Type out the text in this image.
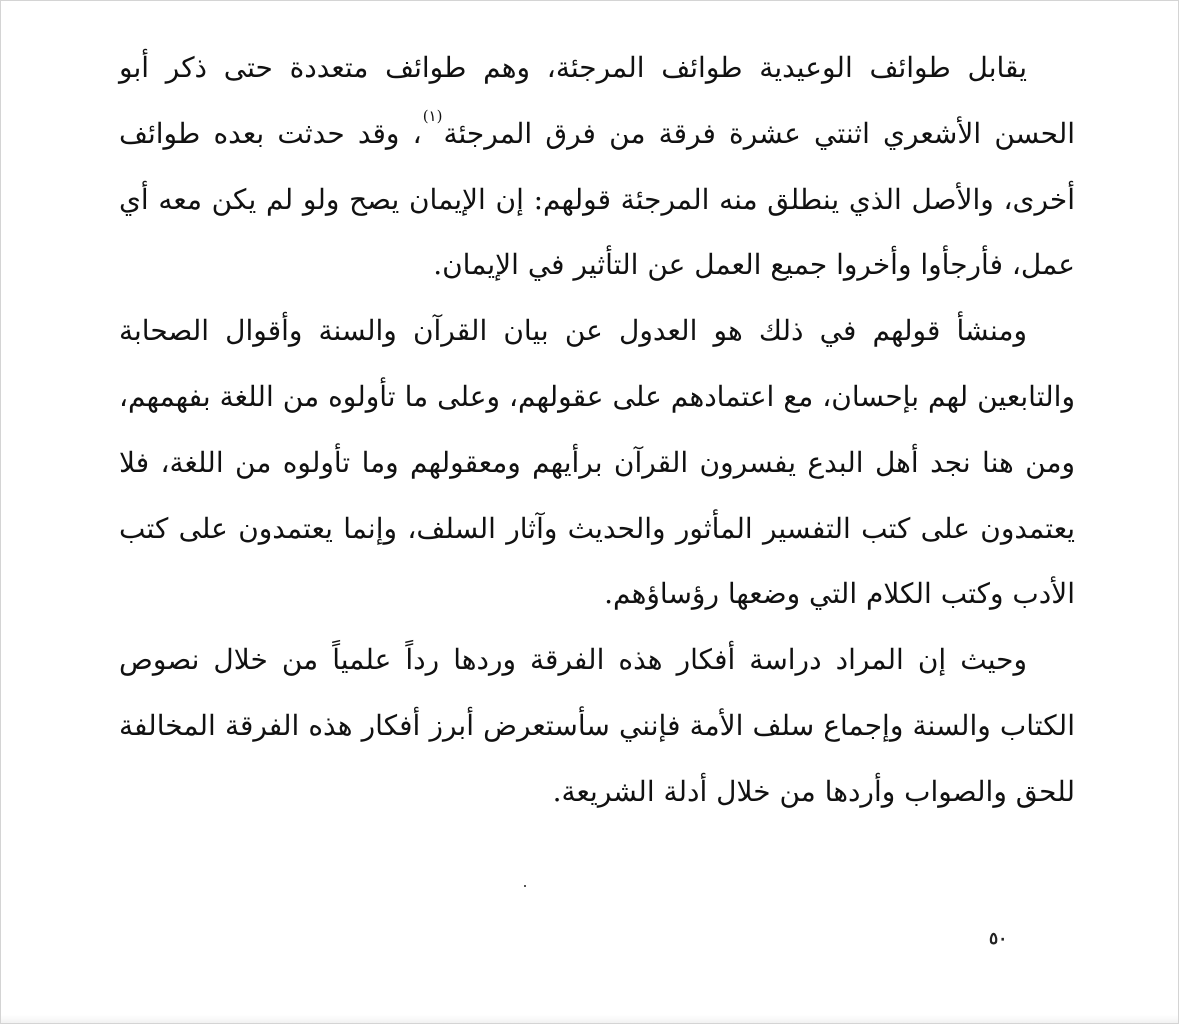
يقابل طوائف الوعيدية طوائف المرجئة، وهم طوائف متعددة حتى ذكر أبو الحسن الأشعري اثنتي عشرة فرقة من فرق المرجئة$^{(١)}$، وقد حدثت بعده طوائف أخرى، والأصل الذي ينطلق منه المرجئة قولهم: إن الإيمان يصح ولو لم يكن معه أي عمل، فأرجأوا وأخروا جميع العمل عن التأثير في الإيمان.

ومنشأ قولهم في ذلك هو العدول عن بيان القرآن والسنة وأقوال الصحابة والتابعين لهم بإحسان، مع اعتمادهم على عقولهم، وعلى ما تأولوه من اللغة بفهمهم، ومن هنا نجد أهل البدع يفسرون القرآن برأيهم ومعقولهم وما تأولوه من اللغة، فلا يعتمدون على كتب التفسير المأثور والحديث وآثار السلف، وإنما يعتمدون على كتب الأدب وكتب الكلام التي وضعها رؤساؤهم.

وحيث إن المراد دراسة أفكار هذه الفرقة وردها رداً علمياً من خلال نصوص الكتاب والسنة وإجماع سلف الأمة فإنني سأستعرض أبرز أفكار هذه الفرقة المخالفة للحق والصواب وأردها من خلال أدلة الشريعة.

٥٠
